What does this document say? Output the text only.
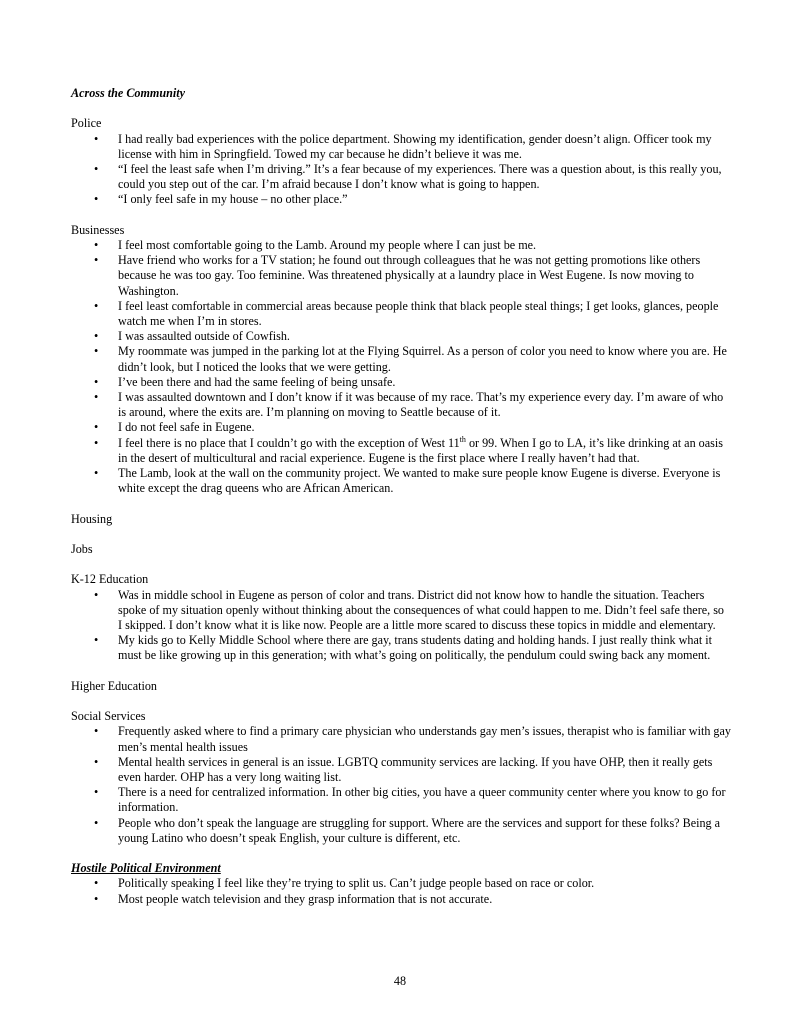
Across the Community

Police

• I had really bad experiences with the police department. Showing my identification, gender doesn’t align. Officer took my license with him in Springfield. Towed my car because he didn’t believe it was me.
• “I feel the least safe when I’m driving.” It’s a fear because of my experiences. There was a question about, is this really you, could you step out of the car. I’m afraid because I don’t know what is going to happen.
• “I only feel safe in my house – no other place.”

Businesses

• I feel most comfortable going to the Lamb. Around my people where I can just be me.
• Have friend who works for a TV station; he found out through colleagues that he was not getting promotions like others because he was too gay. Too feminine. Was threatened physically at a laundry place in West Eugene. Is now moving to Washington.
• I feel least comfortable in commercial areas because people think that black people steal things; I get looks, glances, people watch me when I’m in stores.
• I was assaulted outside of Cowfish.
• My roommate was jumped in the parking lot at the Flying Squirrel. As a person of color you need to know where you are. He didn’t look, but I noticed the looks that we were getting.
• I’ve been there and had the same feeling of being unsafe.
• I was assaulted downtown and I don’t know if it was because of my race. That’s my experience every day. I’m aware of who is around, where the exits are. I’m planning on moving to Seattle because of it.
• I do not feel safe in Eugene.
• I feel there is no place that I couldn’t go with the exception of West 11th or 99. When I go to LA, it’s like drinking at an oasis in the desert of multicultural and racial experience. Eugene is the first place where I really haven’t had that.
• The Lamb, look at the wall on the community project. We wanted to make sure people know Eugene is diverse. Everyone is white except the drag queens who are African American.

Housing

Jobs

K-12 Education

• Was in middle school in Eugene as person of color and trans. District did not know how to handle the situation. Teachers spoke of my situation openly without thinking about the consequences of what could happen to me. Didn’t feel safe there, so I skipped. I don’t know what it is like now. People are a little more scared to discuss these topics in middle and elementary.
• My kids go to Kelly Middle School where there are gay, trans students dating and holding hands. I just really think what it must be like growing up in this generation; with what’s going on politically, the pendulum could swing back any moment.

Higher Education

Social Services

• Frequently asked where to find a primary care physician who understands gay men’s issues, therapist who is familiar with gay men’s mental health issues
• Mental health services in general is an issue. LGBTQ community services are lacking. If you have OHP, then it really gets even harder. OHP has a very long waiting list.
• There is a need for centralized information. In other big cities, you have a queer community center where you know to go for information.
• People who don’t speak the language are struggling for support. Where are the services and support for these folks? Being a young Latino who doesn’t speak English, your culture is different, etc.

Hostile Political Environment

• Politically speaking I feel like they’re trying to split us. Can’t judge people based on race or color.
• Most people watch television and they grasp information that is not accurate.
48
